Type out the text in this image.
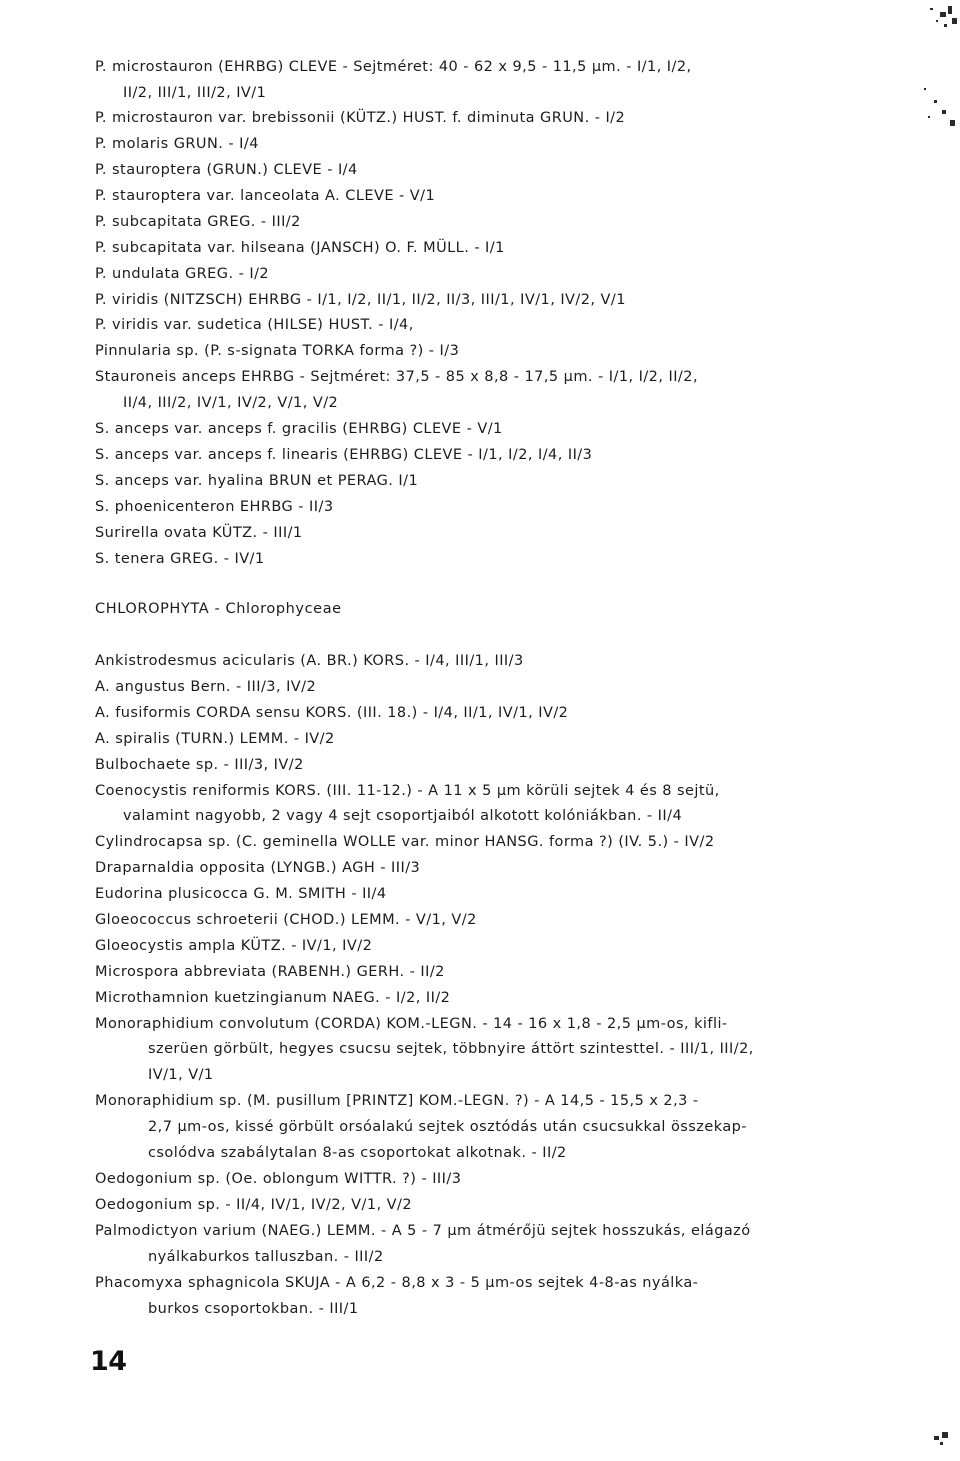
P. microstauron (EHRBG) CLEVE - Sejtméret: 40 - 62 x 9,5 - 11,5 μm. - I/1, I/2,
II/2, III/1, III/2, IV/1
P. microstauron var. brebissonii (KÜTZ.) HUST. f. diminuta GRUN. - I/2
P. molaris GRUN. - I/4
P. stauroptera (GRUN.) CLEVE - I/4
P. stauroptera var. lanceolata A. CLEVE - V/1
P. subcapitata GREG. - III/2
P. subcapitata var. hilseana (JANSCH) O. F. MÜLL. - I/1
P. undulata GREG. - I/2
P. viridis (NITZSCH) EHRBG - I/1, I/2, II/1, II/2, II/3, III/1, IV/1, IV/2, V/1
P. viridis var. sudetica (HILSE) HUST. - I/4,
Pinnularia sp. (P. s-signata TORKA forma ?) - I/3
Stauroneis anceps EHRBG - Sejtméret: 37,5 - 85 x 8,8 - 17,5 μm. - I/1, I/2, II/2,
II/4, III/2, IV/1, IV/2, V/1, V/2
S. anceps var. anceps f. gracilis (EHRBG) CLEVE - V/1
S. anceps var. anceps f. linearis (EHRBG) CLEVE - I/1, I/2, I/4, II/3
S. anceps var. hyalina BRUN et PERAG. I/1
S. phoenicenteron EHRBG - II/3
Surirella ovata KÜTZ. - III/1
S. tenera GREG. - IV/1
CHLOROPHYTA - Chlorophyceae
Ankistrodesmus acicularis (A. BR.) KORS. - I/4, III/1, III/3
A. angustus Bern. - III/3, IV/2
A. fusiformis CORDA sensu KORS. (III. 18.) - I/4, II/1, IV/1, IV/2
A. spiralis (TURN.) LEMM. - IV/2
Bulbochaete sp. - III/3, IV/2
Coenocystis reniformis KORS. (III. 11-12.) - A 11 x 5 μm körüli sejtek 4 és 8 sejtü,
valamint nagyobb, 2 vagy 4 sejt csoportjaiból alkotott kolóniákban. - II/4
Cylindrocapsa sp. (C. geminella WOLLE var. minor HANSG. forma ?) (IV. 5.) - IV/2
Draparnaldia opposita (LYNGB.) AGH - III/3
Eudorina plusicocca G. M. SMITH - II/4
Gloeococcus schroeterii (CHOD.) LEMM. - V/1, V/2
Gloeocystis ampla KÜTZ. - IV/1, IV/2
Microspora abbreviata (RABENH.) GERH. - II/2
Microthamnion kuetzingianum NAEG. - I/2, II/2
Monoraphidium convolutum (CORDA) KOM.-LEGN. - 14 - 16 x 1,8 - 2,5 μm-os, kifli-
szerüen görbült, hegyes csucsu sejtek, többnyire áttört szintesttel. - III/1, III/2,
IV/1, V/1
Monoraphidium sp. (M. pusillum [PRINTZ] KOM.-LEGN. ?) - A 14,5 - 15,5 x 2,3 -
2,7 μm-os, kissé görbült orsóalakú sejtek osztódás után csucsukkal összekap-
csolódva szabálytalan 8-as csoportokat alkotnak. - II/2
Oedogonium sp. (Oe. oblongum WITTR. ?) - III/3
Oedogonium sp. - II/4, IV/1, IV/2, V/1, V/2
Palmodictyon varium (NAEG.) LEMM. - A 5 - 7 μm átmérőjü sejtek hosszukás, elágazó
nyálkaburkos talluszban. - III/2
Phacomyxa sphagnicola SKUJA - A 6,2 - 8,8 x 3 - 5 μm-os sejtek 4-8-as nyálka-
burkos csoportokban. - III/1
14
